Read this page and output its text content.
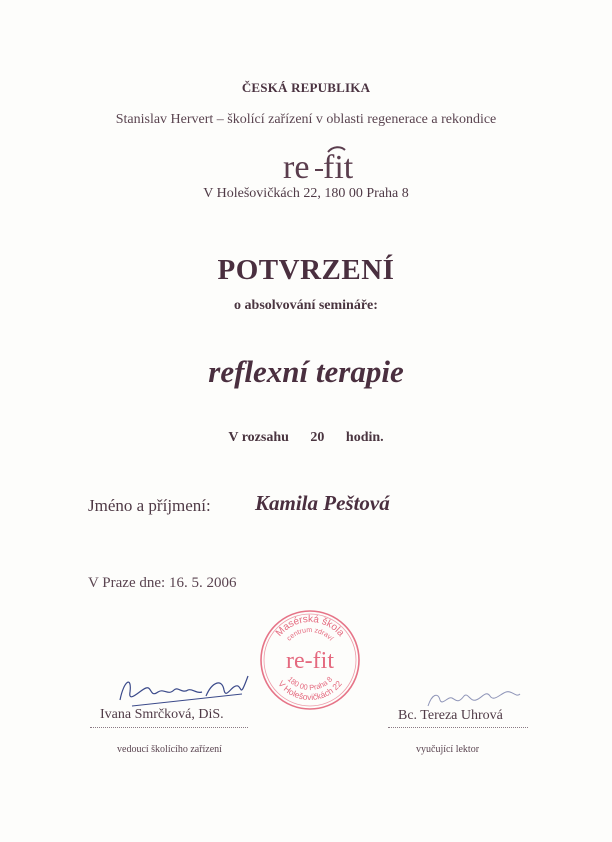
ČESKÁ REPUBLIKA
Stanislav Hervert – školící zařízení v oblasti regenerace a rekondice
re fit
V Holešovičkách 22, 180 00 Praha 8
POTVRZENÍ
o absolvování semináře:
reflexní terapie
V rozsahu 20 hodin.
Jméno a příjmení: Kamila Peštová
V Praze dne: 16. 5. 2006
Masérská škola
centrum zdraví
re-fit
180 00 Praha 8
V Holešovičkách 22
Ivana Smrčková, DiS.	Bc. Tereza Uhrová
vedoucí školícího zařízení	vyučující lektor
